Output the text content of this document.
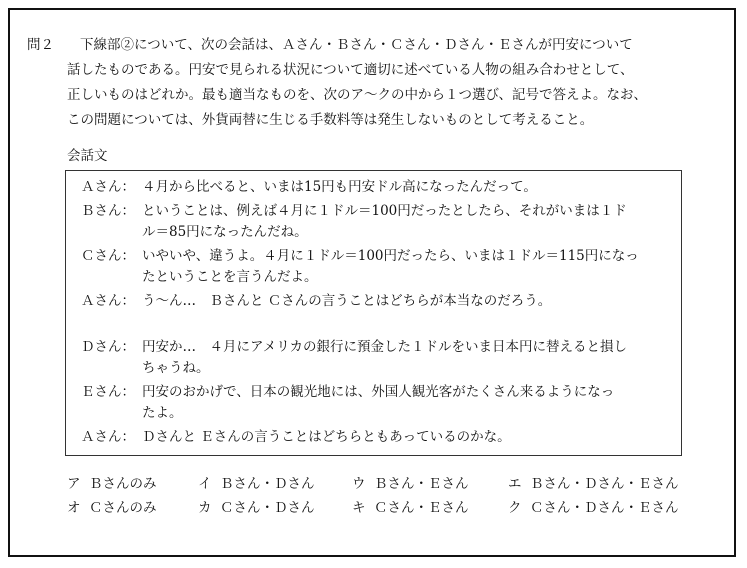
問２ 下線部②について、次の会話は、Ａさん・Ｂさん・Ｃさん・Ｄさん・Ｅさんが円安について
話したものである。円安で見られる状況について適切に述べている人物の組み合わせとして、
正しいものはどれか。最も適当なものを、次のア～クの中から１つ選び、記号で答えよ。なお、
この問題については、外貨両替に生じる手数料等は発生しないものとして考えること。
会話文
Ａさん： ４月から比べると、いまは15円も円安ドル高になったんだって。
Ｂさん： ということは、例えば４月に１ドル＝100円だったとしたら、それがいまは１ド
ル＝85円になったんだね。
Ｃさん： いやいや、違うよ。４月に１ドル＝100円だったら、いまは１ドル＝115円になっ
たということを言うんだよ。
Ａさん： う～ん…　Ｂさんと Ｃさんの言うことはどちらが本当なのだろう。
Ｄさん： 円安か…　４月にアメリカの銀行に預金した１ドルをいま日本円に替えると損し
ちゃうね。
Ｅさん： 円安のおかげで、日本の観光地には、外国人観光客がたくさん来るようになっ
たよ。
Ａさん： Ｄさんと Ｅさんの言うことはどちらともあっているのかな。
ア Ｂさんのみ	イ Ｂさん・Ｄさん	ウ Ｂさん・Ｅさん	エ Ｂさん・Ｄさん・Ｅさん
オ Ｃさんのみ	カ Ｃさん・Ｄさん	キ Ｃさん・Ｅさん	ク Ｃさん・Ｄさん・Ｅさん
